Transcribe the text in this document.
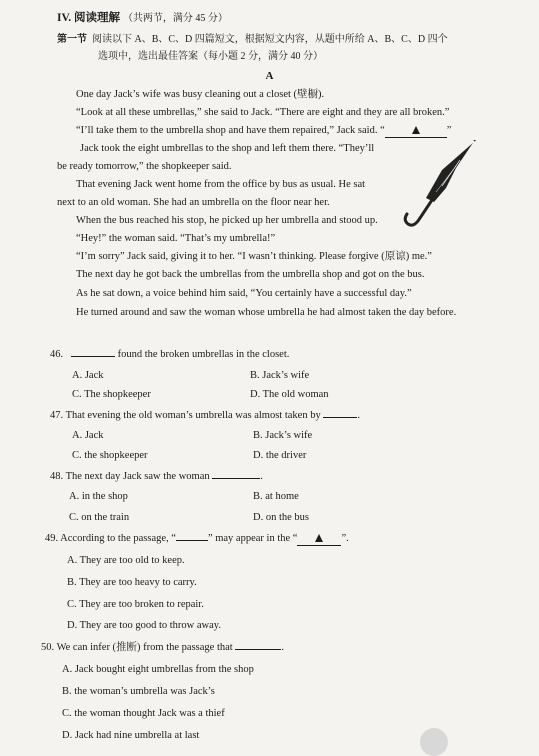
IV. 阅读理解 （共两节，满分 45 分）
第一节 阅读以下 A、B、C、D 四篇短文，根据短文内容，从题中所给 A、B、C、D 四个
选项中，选出最佳答案（每小题 2 分，满分 40 分）
A
One day Jack’s wife was busy cleaning out a closet (壁橱).
“Look at all these umbrellas,” she said to Jack. “There are eight and they are all broken.”
“I’ll take them to the umbrella shop and have them repaired,” Jack said. “	”
Jack took the eight umbrellas to the shop and left them there. “They’ll
be ready tomorrow,” the shopkeeper said.
That evening Jack went home from the office by bus as usual. He sat
next to an old woman. She had an umbrella on the floor near her.
When the bus reached his stop, he picked up her umbrella and stood up.
“Hey!” the woman said. “That’s my umbrella!”
“I’m sorry” Jack said, giving it to her. “I wasn’t thinking. Please forgive (原谅) me.”
The next day he got back the umbrellas from the umbrella shop and got on the bus.
As he sat down, a voice behind him said, “You certainly have a successful day.”
He turned around and saw the woman whose umbrella he had almost taken the day before.
46.	found the broken umbrellas in the closet.
A. Jack	B. Jack’s wife
C. The shopkeeper	D. The old woman
47. That evening the old woman’s umbrella was almost taken by	.
A. Jack	B. Jack’s wife
C. the shopkeeper	D. the driver
48. The next day Jack saw the woman	.
A. in the shop	B. at home
C. on the train	D. on the bus
49. According to the passage, “	” may appear in the “	”.
A. They are too old to keep.
B. They are too heavy to carry.
C. They are too broken to repair.
D. They are too good to throw away.
50. We can infer (推断) from the passage that	.
A. Jack bought eight umbrellas from the shop
B. the woman’s umbrella was Jack’s
C. the woman thought Jack was a thief
D. Jack had nine umbrella at last
